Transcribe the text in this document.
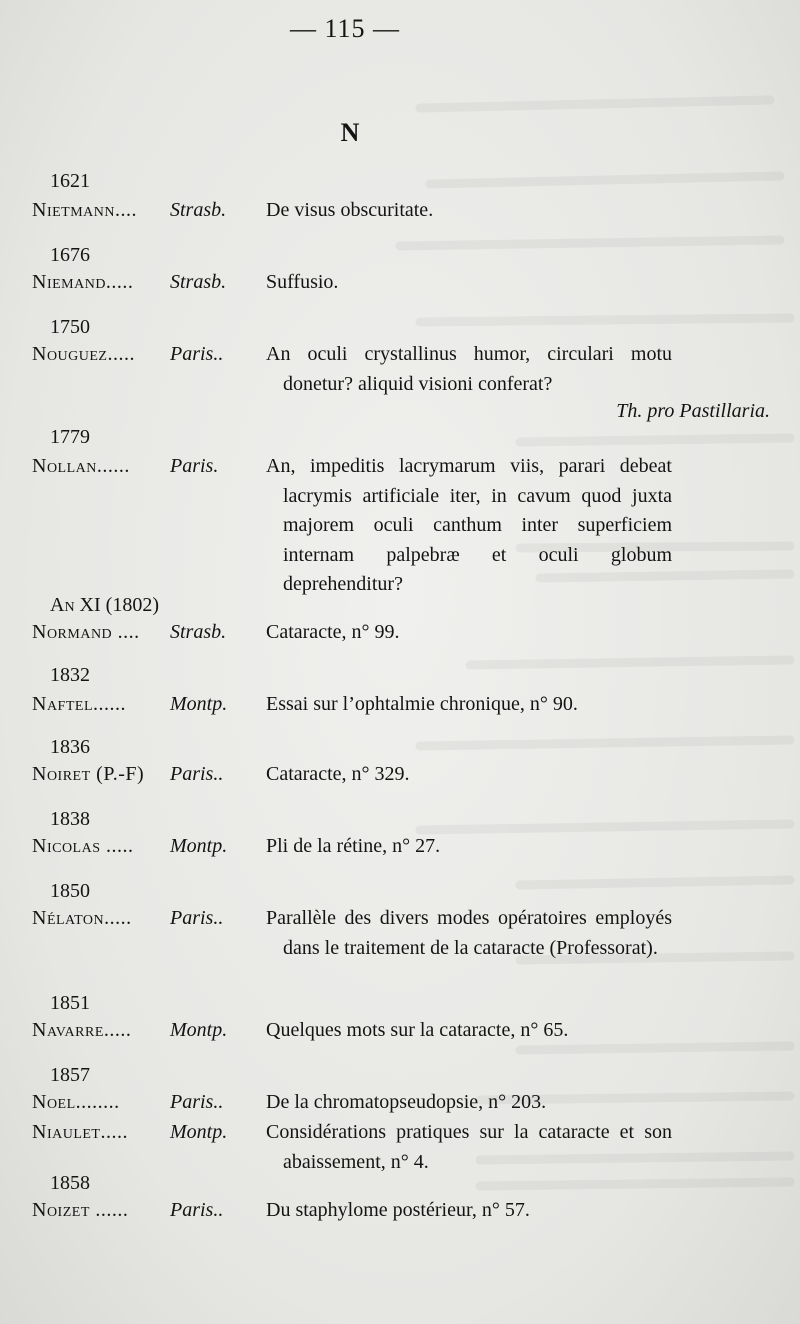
— 115 —
N
1621
Nietmann....	Strasb.	De visus obscuritate.
1676
Niemand.....	Strasb.	Suffusio.
1750
Nouguez.....	Paris..	An oculi crystallinus humor, circulari motu donetur? aliquid visioni conferat?
Th. pro Pastillaria.
1779
Nollan......	Paris.	An, impeditis lacrymarum viis, parari debeat lacrymis artificiale iter, in cavum quod juxta majorem oculi canthum inter superficiem internam palpebræ et oculi globum deprehenditur?
An XI (1802)
Normand ....	Strasb.	Cataracte, n° 99.
1832
Naftel......	Montp.	Essai sur l’ophtalmie chronique, n° 90.
1836
Noiret (P.-F)	Paris..	Cataracte, n° 329.
1838
Nicolas .....	Montp.	Pli de la rétine, n° 27.
1850
Nélaton.....	Paris..	Parallèle des divers modes opératoires employés dans le traitement de la cataracte (Professorat).
1851
Navarre.....	Montp.	Quelques mots sur la cataracte, n° 65.
1857
Noel........	Paris..	De la chromatopseudopsie, n° 203.
Niaulet.....	Montp.	Considérations pratiques sur la cataracte et son abaissement, n° 4.
1858
Noizet ......	Paris..	Du staphylome postérieur, n° 57.
